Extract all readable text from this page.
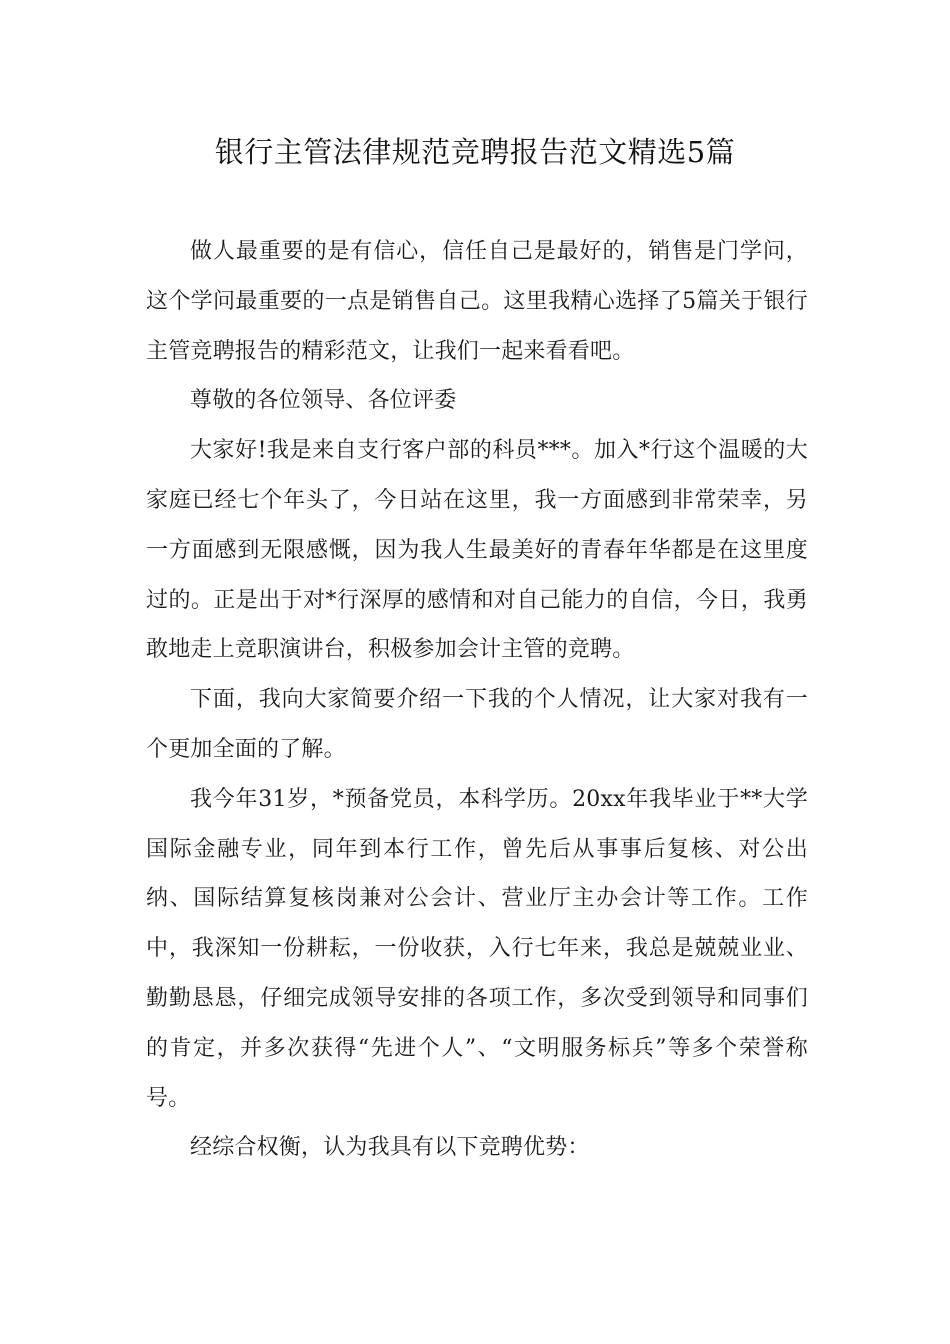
银行主管法律规范竞聘报告范文精选5篇

做人最重要的是有信心，信任自己是最好的，销售是门学问，这个学问最重要的一点是销售自己。这里我精心选择了5篇关于银行主管竞聘报告的精彩范文，让我们一起来看看吧。

尊敬的各位领导、各位评委

大家好!我是来自支行客户部的科员***。加入*行这个温暖的大家庭已经七个年头了，今日站在这里，我一方面感到非常荣幸，另一方面感到无限感慨，因为我人生最美好的青春年华都是在这里度过的。正是出于对*行深厚的感情和对自己能力的自信，今日，我勇敢地走上竞职演讲台，积极参加会计主管的竞聘。

下面，我向大家简要介绍一下我的个人情况，让大家对我有一个更加全面的了解。

我今年31岁，*预备党员，本科学历。20xx年我毕业于**大学国际金融专业，同年到本行工作，曾先后从事事后复核、对公出纳、国际结算复核岗兼对公会计、营业厅主办会计等工作。工作中，我深知一份耕耘，一份收获，入行七年来，我总是兢兢业业、勤勤恳恳，仔细完成领导安排的各项工作，多次受到领导和同事们的肯定，并多次获得“先进个人”、“文明服务标兵”等多个荣誉称号。

经综合权衡，认为我具有以下竞聘优势：
